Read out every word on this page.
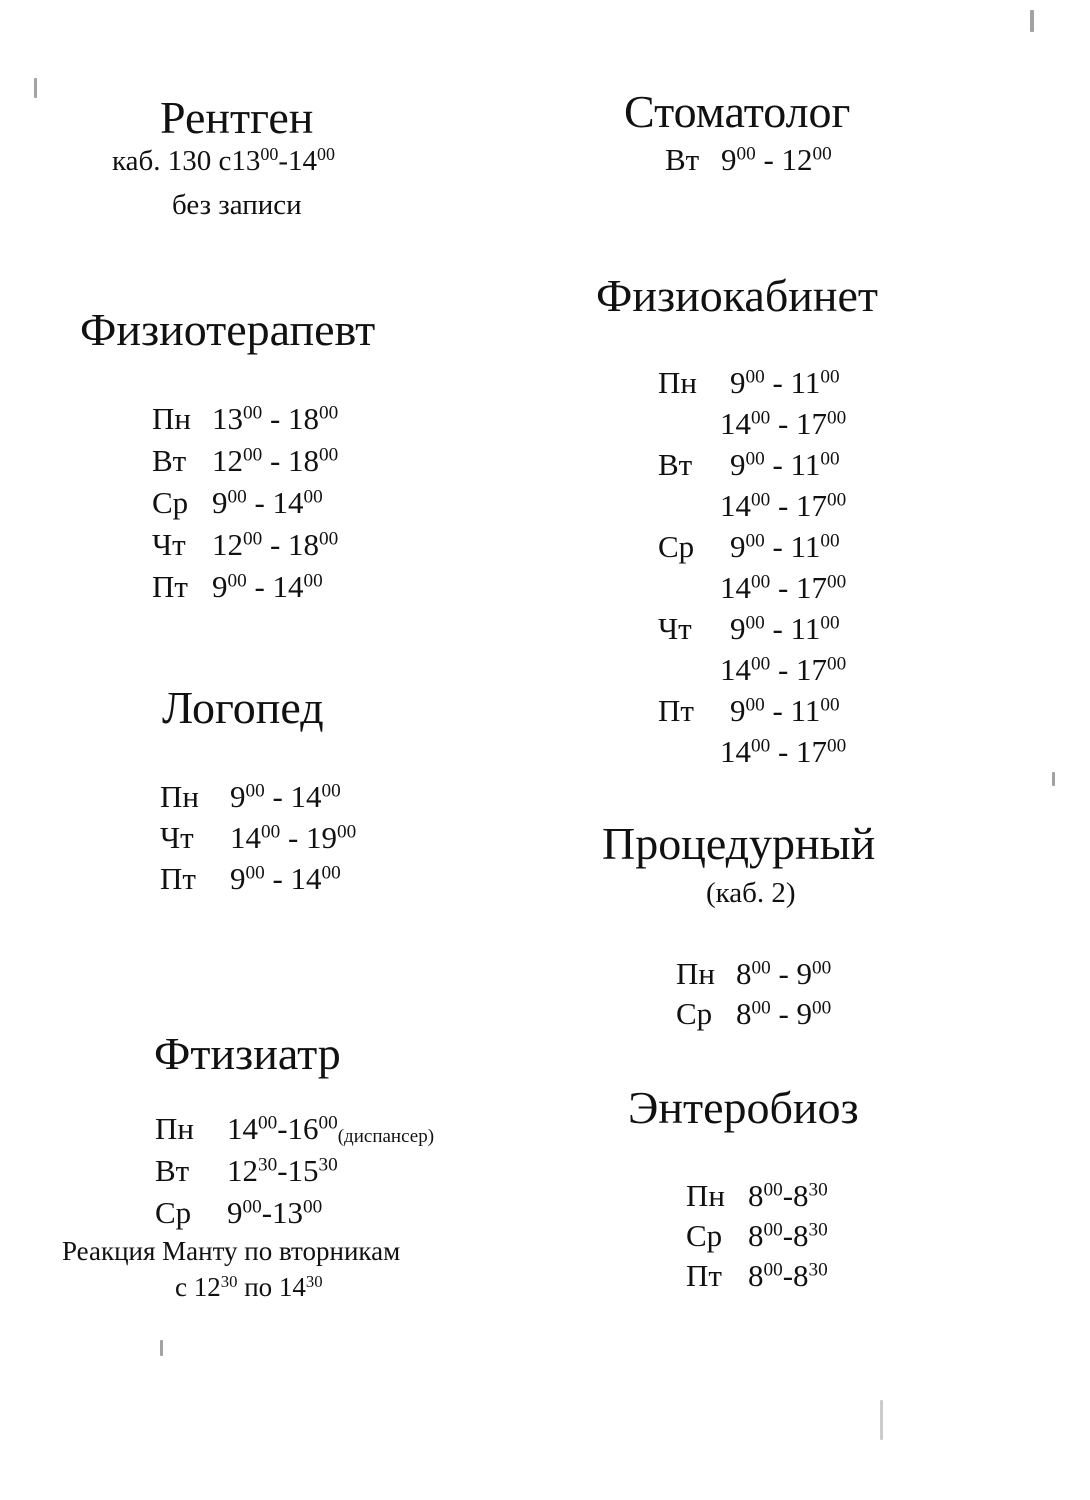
Рентген
каб. 130 $с13^{00}-14^{00}$
без записи
Физиотерапевт
Пн $13^{00} - 18^{00}$
Вт $12^{00} - 18^{00}$
Ср $9^{00} - 14^{00}$
Чт $12^{00} - 18^{00}$
Пт $9^{00} - 14^{00}$
Логопед
Пн $9^{00} - 14^{00}$
Чт $14^{00} - 19^{00}$
Пт $9^{00} - 14^{00}$
Фтизиатр
Пн $14^{00}-16^{00}_{(диспансер)}$
Вт $12^{30}-15^{30}$
Ср $9^{00}-13^{00}$
Реакция Манту по вторникам
с $12^{30}$ по $14^{30}$
Стоматолог
Вт $9^{00} - 12^{00}$
Физиокабинет
Пн $9^{00} - 11^{00}$
$14^{00} - 17^{00}$
Вт $9^{00} - 11^{00}$
$14^{00} - 17^{00}$
Ср $9^{00} - 11^{00}$
$14^{00} - 17^{00}$
Чт $9^{00} - 11^{00}$
$14^{00} - 17^{00}$
Пт $9^{00} - 11^{00}$
$14^{00} - 17^{00}$
Процедурный
(каб. 2)
Пн $8^{00} - 9^{00}$
Ср $8^{00} - 9^{00}$
Энтеробиоз
Пн $8^{00}-8^{30}$
Ср $8^{00}-8^{30}$
Пт $8^{00}-8^{30}$
